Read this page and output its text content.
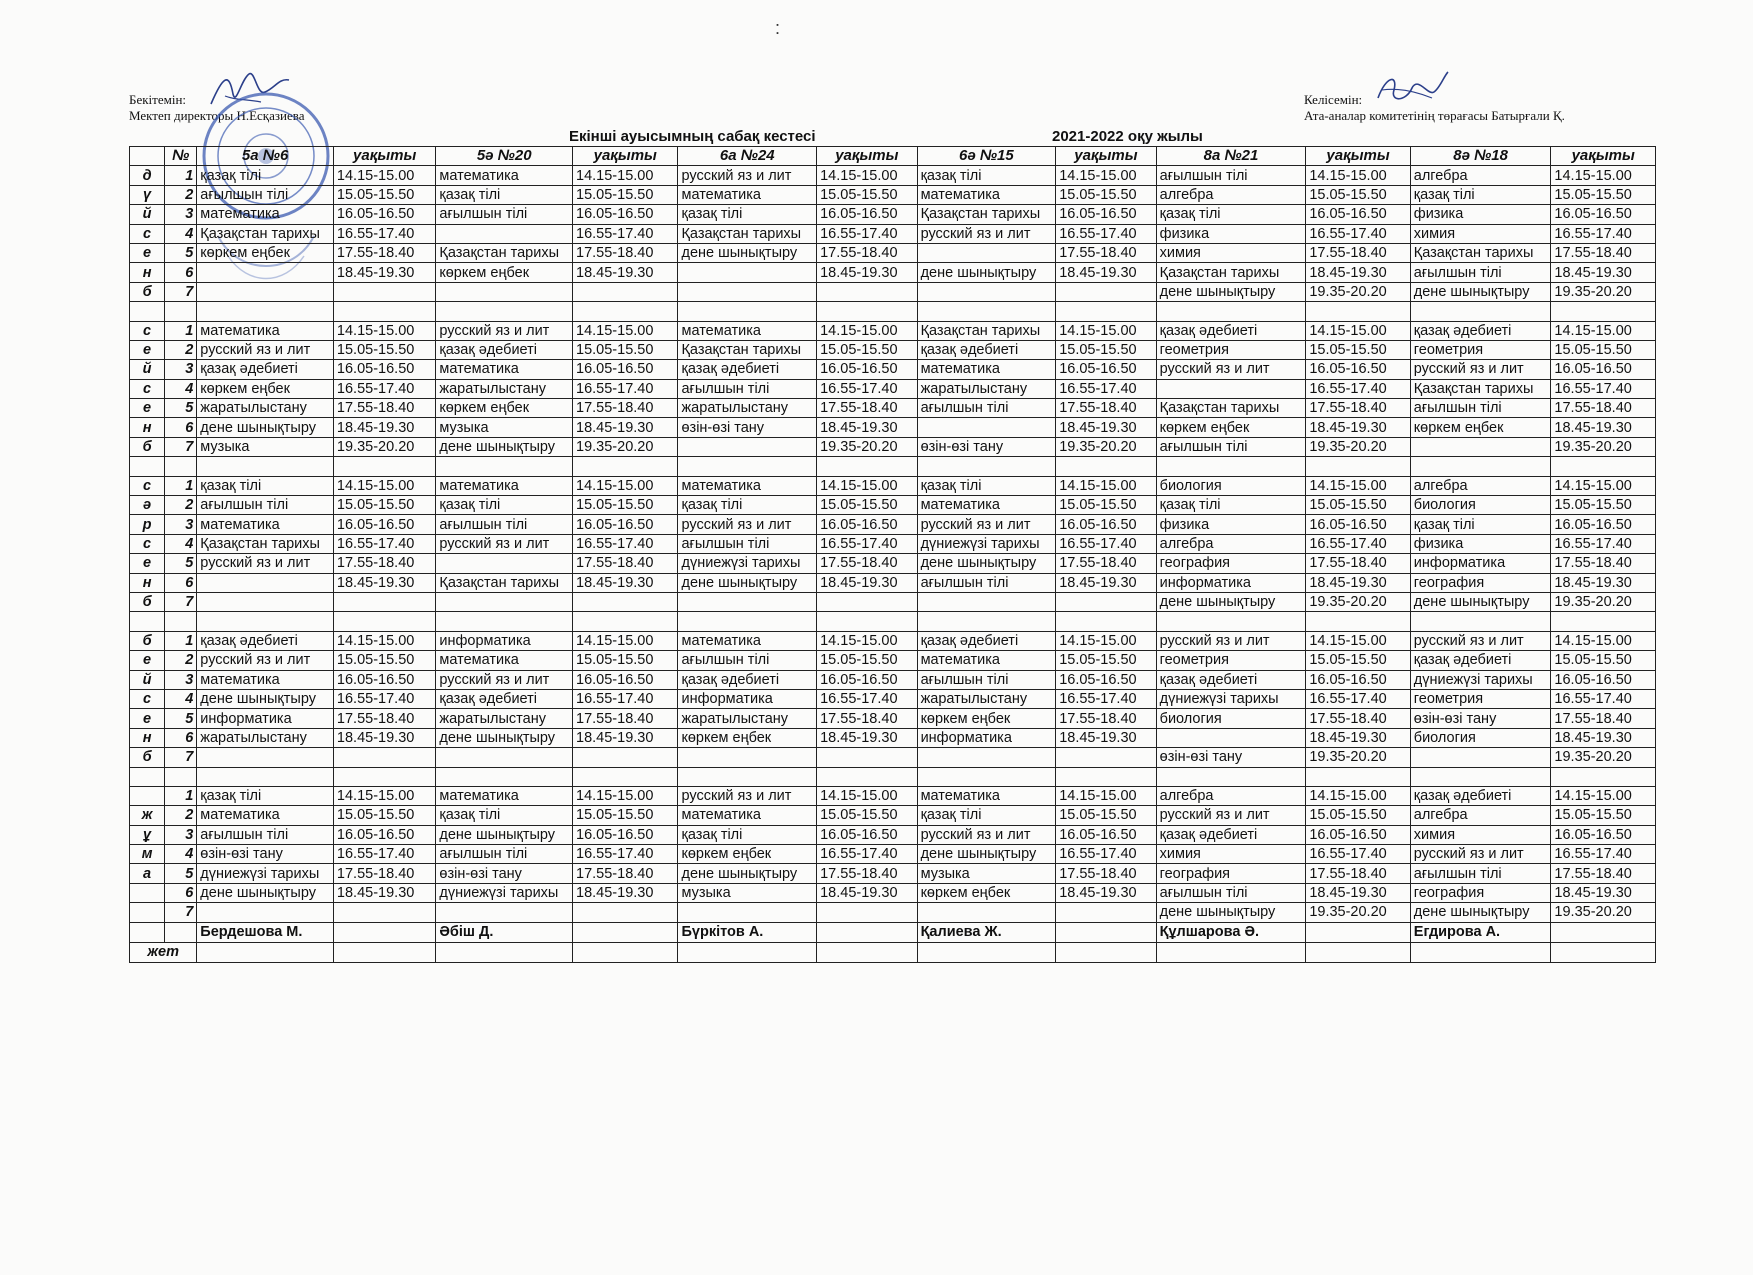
Бекітемін:
Мектеп директоры Н.Есқазиева
Келісемін:
Ата-аналар комитетінің төрағасы Батырғали Қ.
Екінші ауысымның сабақ кестесі	2021-2022 оқу жылы
:
	№	5а №6	уақыты	5ә №20	уақыты	6а №24	уақыты	6ә №15	уақыты	8а №21	уақыты	8ә №18	уақыты
д	1	қазақ тілі	14.15-15.00	математика	14.15-15.00	русский яз и лит	14.15-15.00	қазақ тілі	14.15-15.00	ағылшын тілі	14.15-15.00	алгебра	14.15-15.00
ү	2	ағылшын тілі	15.05-15.50	қазақ тілі	15.05-15.50	математика	15.05-15.50	математика	15.05-15.50	алгебра	15.05-15.50	қазақ тілі	15.05-15.50
й	3	математика	16.05-16.50	ағылшын тілі	16.05-16.50	қазақ тілі	16.05-16.50	Қазақстан тарихы	16.05-16.50	қазақ тілі	16.05-16.50	физика	16.05-16.50
с	4	Қазақстан тарихы	16.55-17.40		16.55-17.40	Қазақстан тарихы	16.55-17.40	русский яз и лит	16.55-17.40	физика	16.55-17.40	химия	16.55-17.40
е	5	көркем еңбек	17.55-18.40	Қазақстан тарихы	17.55-18.40	дене шынықтыру	17.55-18.40		17.55-18.40	химия	17.55-18.40	Қазақстан тарихы	17.55-18.40
н	6		18.45-19.30	көркем еңбек	18.45-19.30		18.45-19.30	дене шынықтыру	18.45-19.30	Қазақстан тарихы	18.45-19.30	ағылшын тілі	18.45-19.30
б	7									дене шынықтыру	19.35-20.20	дене шынықтыру	19.35-20.20

с	1	математика	14.15-15.00	русский яз и лит	14.15-15.00	математика	14.15-15.00	Қазақстан тарихы	14.15-15.00	қазақ әдебиеті	14.15-15.00	қазақ әдебиеті	14.15-15.00
е	2	русский яз и лит	15.05-15.50	қазақ әдебиеті	15.05-15.50	Қазақстан тарихы	15.05-15.50	қазақ әдебиеті	15.05-15.50	геометрия	15.05-15.50	геометрия	15.05-15.50
й	3	қазақ әдебиеті	16.05-16.50	математика	16.05-16.50	қазақ әдебиеті	16.05-16.50	математика	16.05-16.50	русский яз и лит	16.05-16.50	русский яз и лит	16.05-16.50
с	4	көркем еңбек	16.55-17.40	жаратылыстану	16.55-17.40	ағылшын тілі	16.55-17.40	жаратылыстану	16.55-17.40		16.55-17.40	Қазақстан тарихы	16.55-17.40
е	5	жаратылыстану	17.55-18.40	көркем еңбек	17.55-18.40	жаратылыстану	17.55-18.40	ағылшын тілі	17.55-18.40	Қазақстан тарихы	17.55-18.40	ағылшын тілі	17.55-18.40
н	6	дене шынықтыру	18.45-19.30	музыка	18.45-19.30	өзін-өзі тану	18.45-19.30		18.45-19.30	көркем еңбек	18.45-19.30	көркем еңбек	18.45-19.30
б	7	музыка	19.35-20.20	дене шынықтыру	19.35-20.20		19.35-20.20	өзін-өзі тану	19.35-20.20	ағылшын тілі	19.35-20.20		19.35-20.20

с	1	қазақ тілі	14.15-15.00	математика	14.15-15.00	математика	14.15-15.00	қазақ тілі	14.15-15.00	биология	14.15-15.00	алгебра	14.15-15.00
ә	2	ағылшын тілі	15.05-15.50	қазақ тілі	15.05-15.50	қазақ тілі	15.05-15.50	математика	15.05-15.50	қазақ тілі	15.05-15.50	биология	15.05-15.50
р	3	математика	16.05-16.50	ағылшын тілі	16.05-16.50	русский яз и лит	16.05-16.50	русский яз и лит	16.05-16.50	физика	16.05-16.50	қазақ тілі	16.05-16.50
с	4	Қазақстан тарихы	16.55-17.40	русский яз и лит	16.55-17.40	ағылшын тілі	16.55-17.40	дүниежүзі тарихы	16.55-17.40	алгебра	16.55-17.40	физика	16.55-17.40
е	5	русский яз и лит	17.55-18.40		17.55-18.40	дүниежүзі тарихы	17.55-18.40	дене шынықтыру	17.55-18.40	география	17.55-18.40	информатика	17.55-18.40
н	6		18.45-19.30	Қазақстан тарихы	18.45-19.30	дене шынықтыру	18.45-19.30	ағылшын тілі	18.45-19.30	информатика	18.45-19.30	география	18.45-19.30
б	7									дене шынықтыру	19.35-20.20	дене шынықтыру	19.35-20.20

б	1	қазақ әдебиеті	14.15-15.00	информатика	14.15-15.00	математика	14.15-15.00	қазақ әдебиеті	14.15-15.00	русский яз и лит	14.15-15.00	русский яз и лит	14.15-15.00
е	2	русский яз и лит	15.05-15.50	математика	15.05-15.50	ағылшын тілі	15.05-15.50	математика	15.05-15.50	геометрия	15.05-15.50	қазақ әдебиеті	15.05-15.50
й	3	математика	16.05-16.50	русский яз и лит	16.05-16.50	қазақ әдебиеті	16.05-16.50	ағылшын тілі	16.05-16.50	қазақ әдебиеті	16.05-16.50	дүниежүзі тарихы	16.05-16.50
с	4	дене шынықтыру	16.55-17.40	қазақ әдебиеті	16.55-17.40	информатика	16.55-17.40	жаратылыстану	16.55-17.40	дүниежүзі тарихы	16.55-17.40	геометрия	16.55-17.40
е	5	информатика	17.55-18.40	жаратылыстану	17.55-18.40	жаратылыстану	17.55-18.40	көркем еңбек	17.55-18.40	биология	17.55-18.40	өзін-өзі тану	17.55-18.40
н	6	жаратылыстану	18.45-19.30	дене шынықтыру	18.45-19.30	көркем еңбек	18.45-19.30	информатика	18.45-19.30		18.45-19.30	биология	18.45-19.30
б	7									өзін-өзі тану	19.35-20.20		19.35-20.20

	1	қазақ тілі	14.15-15.00	математика	14.15-15.00	русский яз и лит	14.15-15.00	математика	14.15-15.00	алгебра	14.15-15.00	қазақ әдебиеті	14.15-15.00
ж	2	математика	15.05-15.50	қазақ тілі	15.05-15.50	математика	15.05-15.50	қазақ тілі	15.05-15.50	русский яз и лит	15.05-15.50	алгебра	15.05-15.50
ұ	3	ағылшын тілі	16.05-16.50	дене шынықтыру	16.05-16.50	қазақ тілі	16.05-16.50	русский яз и лит	16.05-16.50	қазақ әдебиеті	16.05-16.50	химия	16.05-16.50
м	4	өзін-өзі тану	16.55-17.40	ағылшын тілі	16.55-17.40	көркем еңбек	16.55-17.40	дене шынықтыру	16.55-17.40	химия	16.55-17.40	русский яз и лит	16.55-17.40
а	5	дүниежүзі тарихы	17.55-18.40	өзін-өзі тану	17.55-18.40	дене шынықтыру	17.55-18.40	музыка	17.55-18.40	география	17.55-18.40	ағылшын тілі	17.55-18.40
	6	дене шынықтыру	18.45-19.30	дүниежүзі тарихы	18.45-19.30	музыка	18.45-19.30	көркем еңбек	18.45-19.30	ағылшын тілі	18.45-19.30	география	18.45-19.30
	7									дене шынықтыру	19.35-20.20	дене шынықтыру	19.35-20.20
		Бердешова М.		Әбіш Д.		Бүркітов А.		Қалиева Ж.		Құлшарова Ә.		Егдирова А.	
жет													
